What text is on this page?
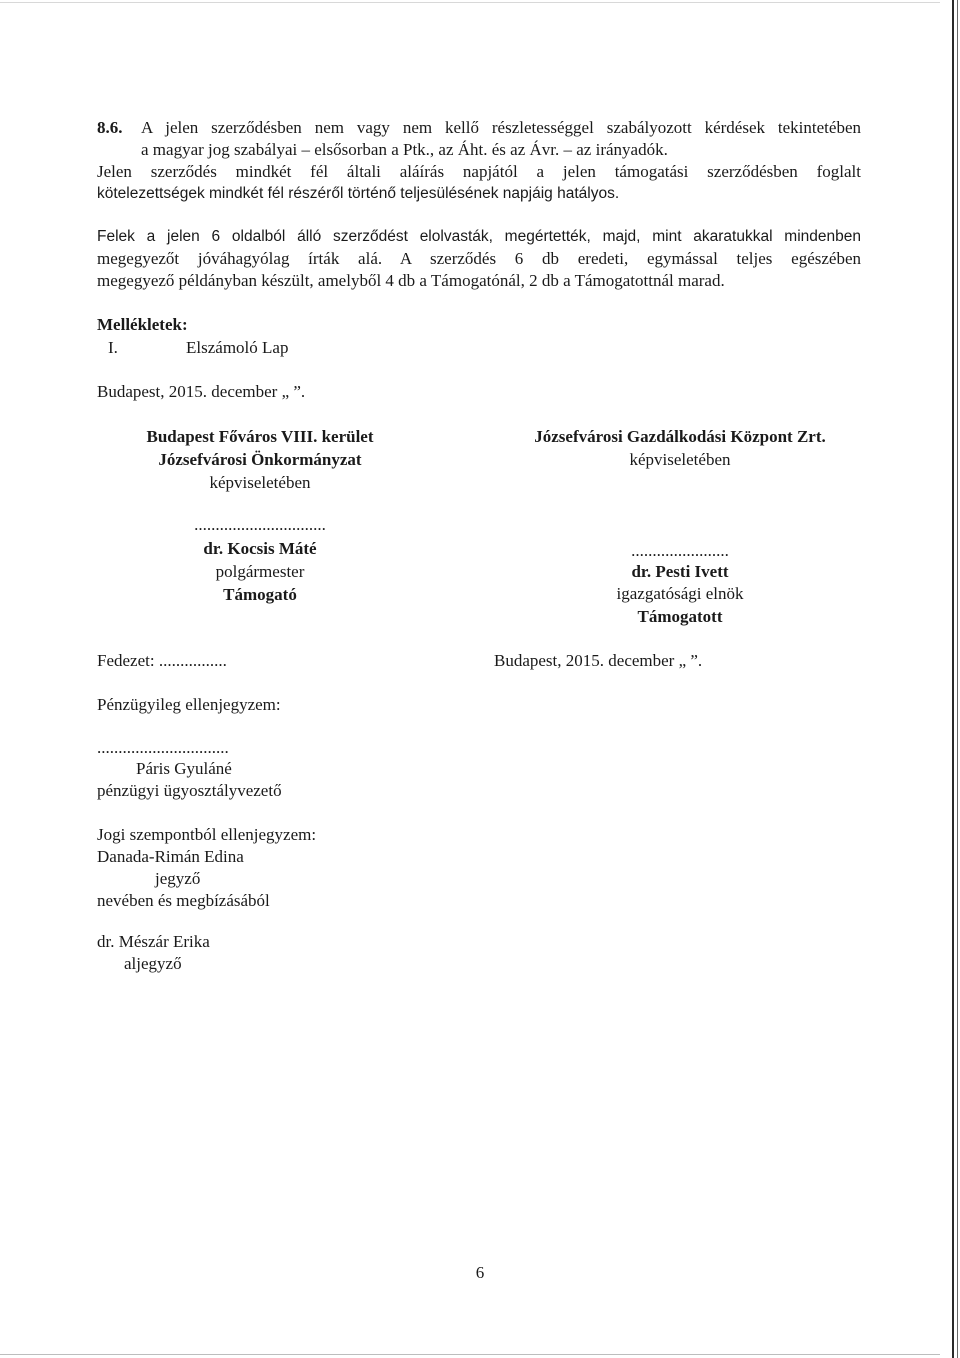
8.6. A jelen szerződésben nem vagy nem kellő részletességgel szabályozott kérdések tekintetében
a magyar jog szabályai – elsősorban a Ptk., az Áht. és az Ávr. – az irányadók.
Jelen szerződés mindkét fél általi aláírás napjától a jelen támogatási szerződésben foglalt
kötelezettségek mindkét fél részéről történő teljesülésének napjáig hatályos.
Felek a jelen 6 oldalból álló szerződést elolvasták, megértették, majd, mint akaratukkal mindenben
megegyezőt jóváhagyólag írták alá. A szerződés 6 db eredeti, egymással teljes egészében
megegyező példányban készült, amelyből 4 db a Támogatónál, 2 db a Támogatottnál marad.
Mellékletek:
I.	Elszámoló Lap
Budapest, 2015. december „ ”.
Budapest Főváros VIII. kerület
Józsefvárosi Önkormányzat
képviseletében
...............................
dr. Kocsis Máté
polgármester
Támogató
Józsefvárosi Gazdálkodási Központ Zrt.
képviseletében
.......................
dr. Pesti Ivett
igazgatósági elnök
Támogatott
Fedezet: ................	Budapest, 2015. december „ ”.
Pénzügyileg ellenjegyzem:
...............................
Páris Gyuláné
pénzügyi ügyosztályvezető
Jogi szempontból ellenjegyzem:
Danada-Rimán Edina
jegyző
nevében és megbízásából
dr. Mészár Erika
aljegyző
6
